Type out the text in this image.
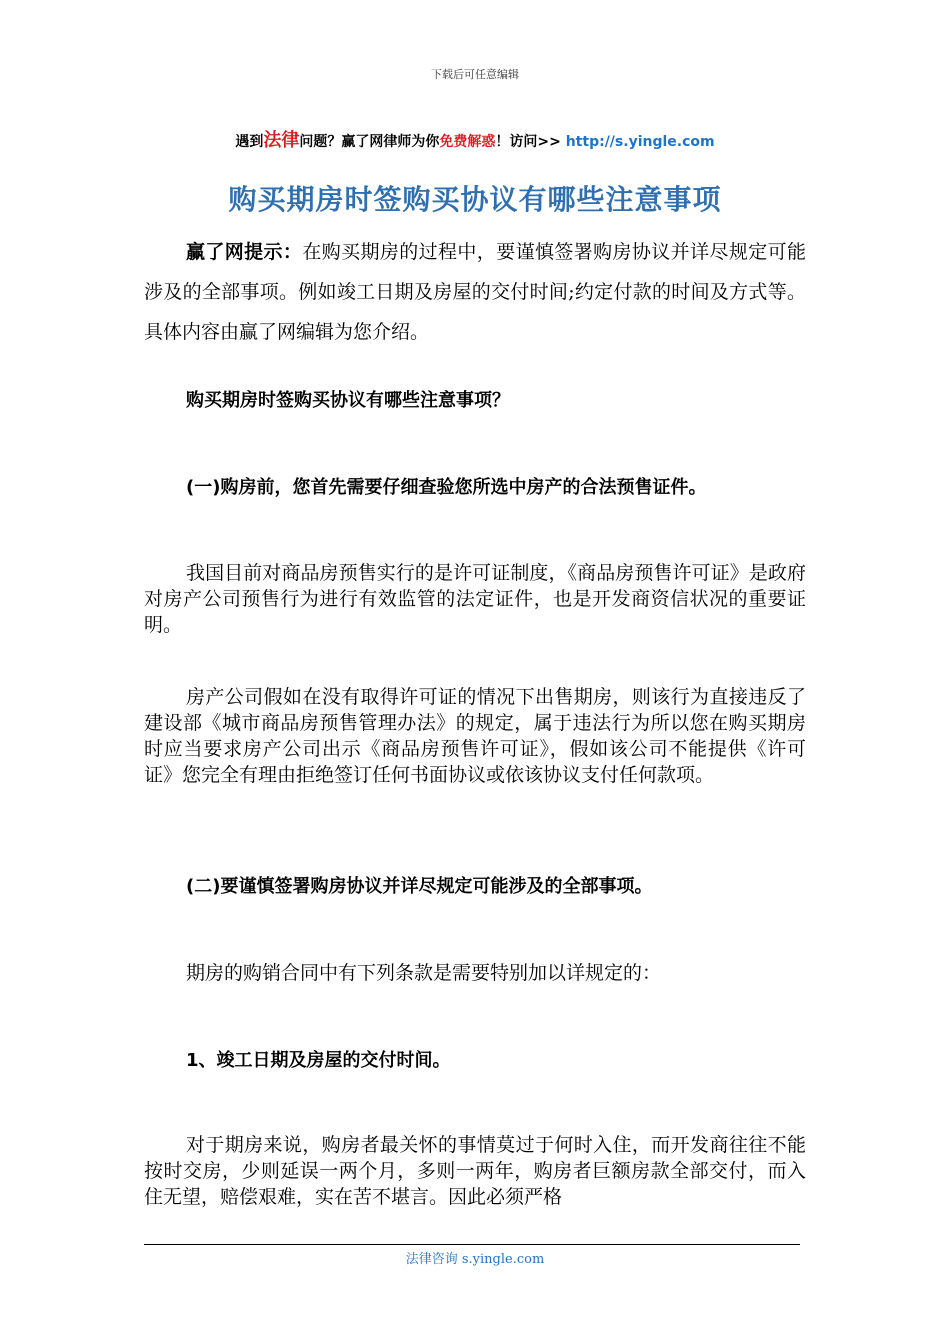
下载后可任意编辑
遇到法律问题？赢了网律师为你免费解惑！访问>> http://s.yingle.com
购买期房时签购买协议有哪些注意事项
赢了网提示：在购买期房的过程中，要谨慎签署购房协议并详尽规定可能涉及的全部事项。例如竣工日期及房屋的交付时间;约定付款的时间及方式等。具体内容由赢了网编辑为您介绍。
购买期房时签购买协议有哪些注意事项？
(一)购房前，您首先需要仔细查验您所选中房产的合法预售证件。
我国目前对商品房预售实行的是许可证制度，《商品房预售许可证》是政府对房产公司预售行为进行有效监管的法定证件，也是开发商资信状况的重要证明。
房产公司假如在没有取得许可证的情况下出售期房，则该行为直接违反了建设部《城市商品房预售管理办法》的规定，属于违法行为所以您在购买期房时应当要求房产公司出示《商品房预售许可证》，假如该公司不能提供《许可证》您完全有理由拒绝签订任何书面协议或依该协议支付任何款项。
(二)要谨慎签署购房协议并详尽规定可能涉及的全部事项。
期房的购销合同中有下列条款是需要特别加以详规定的：
1、竣工日期及房屋的交付时间。
对于期房来说，购房者最关怀的事情莫过于何时入住，而开发商往往不能按时交房，少则延误一两个月，多则一两年，购房者巨额房款全部交付，而入住无望，赔偿艰难，实在苦不堪言。因此必须严格
法律咨询 s.yingle.com
